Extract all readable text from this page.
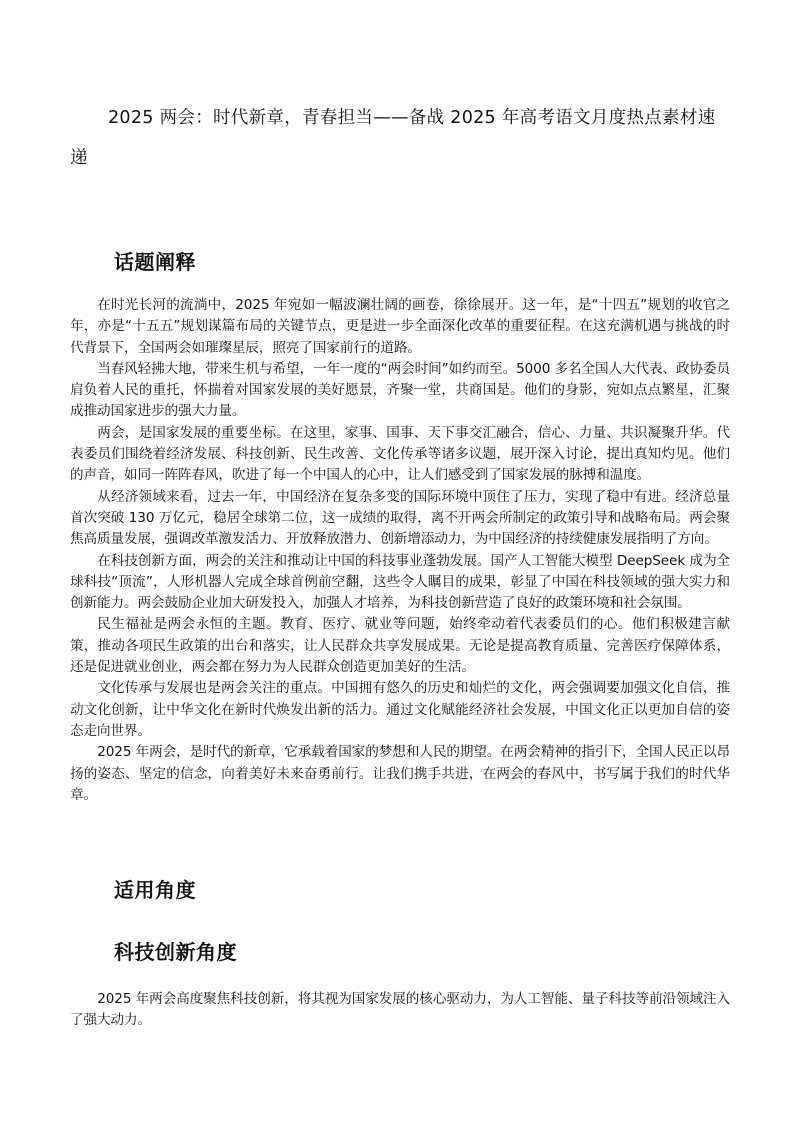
2025 两会：时代新章，青春担当——备战 2025 年高考语文月度热点素材速递
话题阐释

在时光长河的流淌中，2025 年宛如一幅波澜壮阔的画卷，徐徐展开。这一年，是“十四五”规划的收官之年，亦是“十五五”规划谋篇布局的关键节点，更是进一步全面深化改革的重要征程。在这充满机遇与挑战的时代背景下，全国两会如璀璨星辰，照亮了国家前行的道路。

当春风轻拂大地，带来生机与希望，一年一度的“两会时间”如约而至。5000 多名全国人大代表、政协委员肩负着人民的重托，怀揣着对国家发展的美好愿景，齐聚一堂，共商国是。他们的身影，宛如点点繁星，汇聚成推动国家进步的强大力量。

两会，是国家发展的重要坐标。在这里，家事、国事、天下事交汇融合，信心、力量、共识凝聚升华。代表委员们围绕着经济发展、科技创新、民生改善、文化传承等诸多议题，展开深入讨论，提出真知灼见。他们的声音，如同一阵阵春风，吹进了每一个中国人的心中，让人们感受到了国家发展的脉搏和温度。

从经济领域来看，过去一年，中国经济在复杂多变的国际环境中顶住了压力，实现了稳中有进。经济总量首次突破 130 万亿元，稳居全球第二位，这一成绩的取得，离不开两会所制定的政策引导和战略布局。两会聚焦高质量发展，强调改革激发活力、开放释放潜力、创新增添动力，为中国经济的持续健康发展指明了方向。

在科技创新方面，两会的关注和推动让中国的科技事业蓬勃发展。国产人工智能大模型 DeepSeek 成为全球科技“顶流”，人形机器人完成全球首例前空翻，这些令人瞩目的成果，彰显了中国在科技领域的强大实力和创新能力。两会鼓励企业加大研发投入，加强人才培养，为科技创新营造了良好的政策环境和社会氛围。

民生福祉是两会永恒的主题。教育、医疗、就业等问题，始终牵动着代表委员们的心。他们积极建言献策，推动各项民生政策的出台和落实，让人民群众共享发展成果。无论是提高教育质量、完善医疗保障体系，还是促进就业创业，两会都在努力为人民群众创造更加美好的生活。

文化传承与发展也是两会关注的重点。中国拥有悠久的历史和灿烂的文化，两会强调要加强文化自信，推动文化创新，让中华文化在新时代焕发出新的活力。通过文化赋能经济社会发展，中国文化正以更加自信的姿态走向世界。

2025 年两会，是时代的新章，它承载着国家的梦想和人民的期望。在两会精神的指引下，全国人民正以昂扬的姿态、坚定的信念，向着美好未来奋勇前行。让我们携手共进，在两会的春风中，书写属于我们的时代华章。

适用角度
科技创新角度

2025 年两会高度聚焦科技创新，将其视为国家发展的核心驱动力，为人工智能、量子科技等前沿领域注入了强大动力。
